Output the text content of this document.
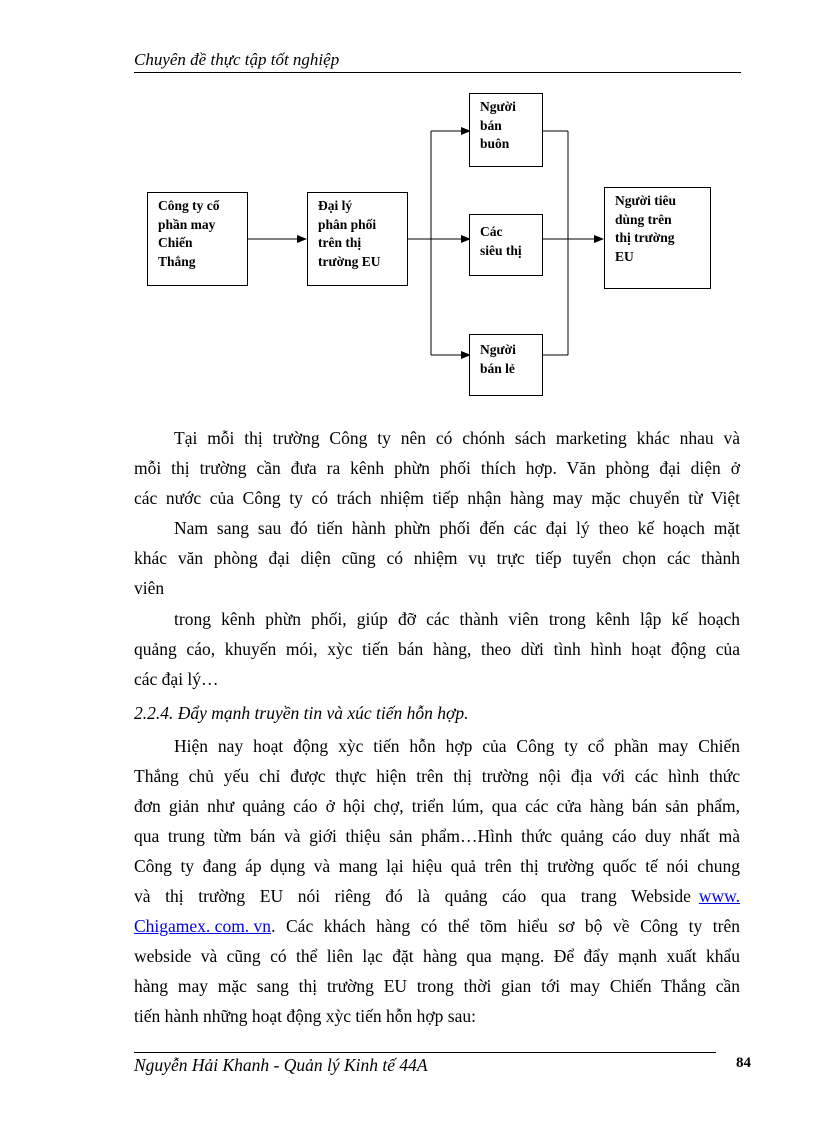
Chuyên đề thực tập tốt nghiệp
Công ty cổ
phần may
Chiến
Thắng
Đại lý
phân phối
trên thị
trường EU
Người
bán
buôn
Các
siêu thị
Người
bán lẻ
Người tiêu
dùng trên
thị trường
EU
Tại mỗi thị trường Công ty nên có chónh sách marketing khác nhau và
mỗi thị trường cần đưa ra kênh phừn phối thích hợp. Văn phòng đại diện ở
các nước của Công ty có trách nhiệm tiếp nhận hàng may mặc chuyển từ Việt
Nam sang sau đó tiến hành phừn phối đến các đại lý theo kế hoạch mặt
khác văn phòng đại diện cũng có nhiệm vụ trực tiếp tuyển chọn các thành
viên
trong kênh phừn phối, giúp đỡ các thành viên trong kênh lập kế hoạch
quảng cáo, khuyến mói, xỳc tiến bán hàng, theo dừi tình hình hoạt động của
các đại lý…
2.2.4. Đẩy mạnh truyền tin và xúc tiến hỗn hợp.
Hiện nay hoạt động xỳc tiến hỗn hợp của Công ty cổ phần may Chiến
Thắng chủ yếu chỉ được thực hiện trên thị trường nội địa với các hình thức
đơn giản như quảng cáo ở hội chợ, triển lúm, qua các cửa hàng bán sản phẩm,
qua trung từm bán và giới thiệu sản phẩm…Hình thức quảng cáo duy nhất mà
Công ty đang áp dụng và mang lại hiệu quả trên thị trường quốc tế nói chung
và thị trường EU nói riêng đó là quảng cáo qua trang Webside www.
Chigamex. com. vn . Các khách hàng có thể tõm hiểu sơ bộ về Công ty trên
webside và cũng có thể liên lạc đặt hàng qua mạng. Để đẩy mạnh xuất khẩu
hàng may mặc sang thị trường EU trong thời gian tới may Chiến Thắng cần
tiến hành những hoạt động xỳc tiến hỗn hợp sau:
Nguyễn Hải Khanh - Quản lý Kinh tế 44A	84
